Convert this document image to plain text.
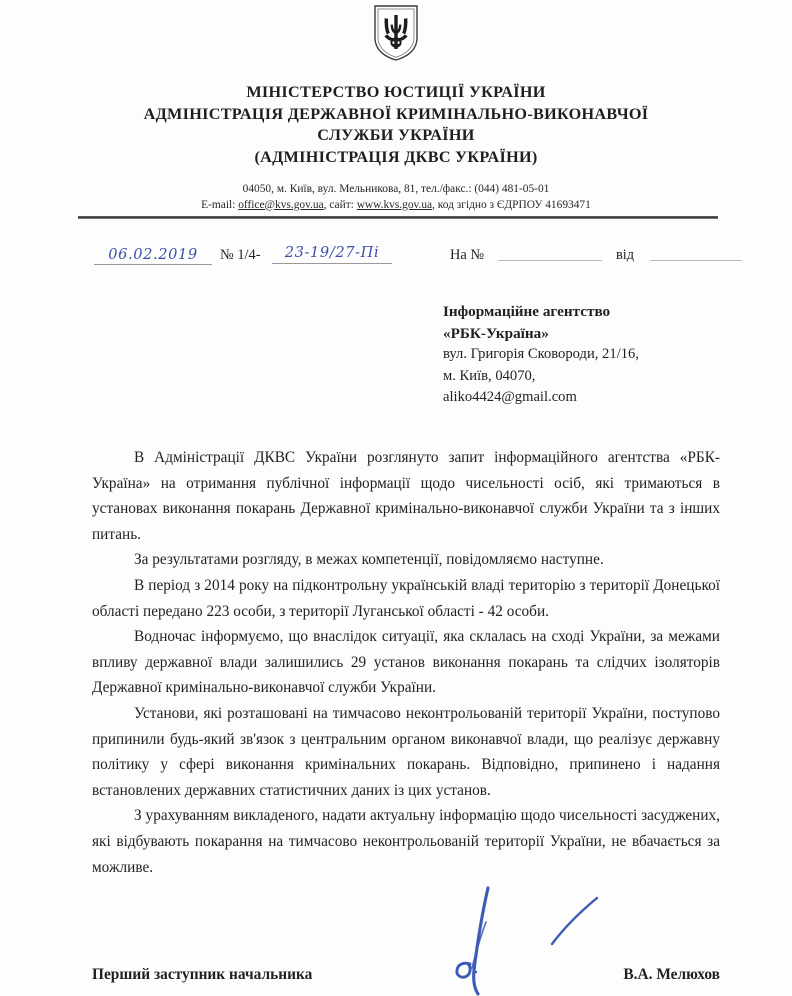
МІНІСТЕРСТВО ЮСТИЦІЇ УКРАЇНИ
АДМІНІСТРАЦІЯ ДЕРЖАВНОЇ КРИМІНАЛЬНО-ВИКОНАВЧОЇ
СЛУЖБИ УКРАЇНИ
(АДМІНІСТРАЦІЯ ДКВС УКРАЇНИ)
04050, м. Київ, вул. Мельникова, 81, тел./факс.: (044) 481-05-01
E-mail: office@kvs.gov.ua, сайт: www.kvs.gov.ua, код згідно з ЄДРПОУ 41693471
06.02.2019	№ 1/4-	23-19/27-Пі	На №	від
Інформаційне агентство
«РБК-Україна»
вул. Григорія Сковороди, 21/16,
м. Київ, 04070,
aliko4424@gmail.com

В Адміністрації ДКВС України розглянуто запит інформаційного агентства «РБК-Україна» на отримання публічної інформації щодо чисельності осіб, які тримаються в установах виконання покарань Державної кримінально-виконавчої служби України та з інших питань.

За результатами розгляду, в межах компетенції, повідомляємо наступне.

В період з 2014 року на підконтрольну українській владі територію з території Донецької області передано 223 особи, з території Луганської області - 42 особи.

Водночас інформуємо, що внаслідок ситуації, яка склалась на сході України, за межами впливу державної влади залишились 29 установ виконання покарань та слідчих ізоляторів Державної кримінально-виконавчої служби України.

Установи, які розташовані на тимчасово неконтрольованій території України, поступово припинили будь-який зв'язок з центральним органом виконавчої влади, що реалізує державну політику у сфері виконання кримінальних покарань. Відповідно, припинено і надання встановлених державних статистичних даних із цих установ.

З урахуванням викладеного, надати актуальну інформацію щодо чисельності засуджених, які відбувають покарання на тимчасово неконтрольованій території України, не вбачається за можливе.

Перший заступник начальника	В.А. Мелюхов
